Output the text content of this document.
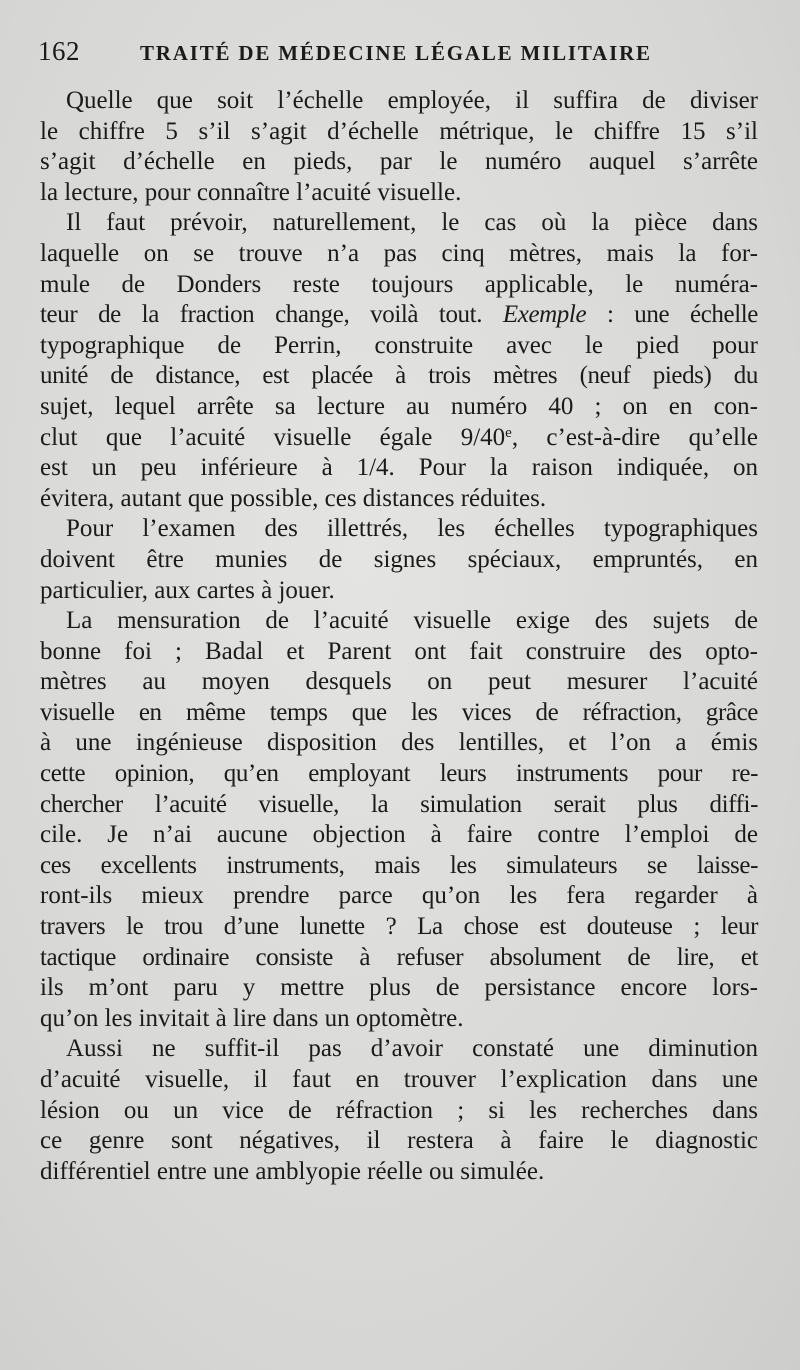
162	TRAITÉ DE MÉDECINE LÉGALE MILITAIRE

Quelle que soit l’échelle employée, il suffira de diviser
le chiffre 5 s’il s’agit d’échelle métrique, le chiffre 15 s’il
s’agit d’échelle en pieds, par le numéro auquel s’arrête
la lecture, pour connaître l’acuité visuelle.

Il faut prévoir, naturellement, le cas où la pièce dans
laquelle on se trouve n’a pas cinq mètres, mais la for-
mule de Donders reste toujours applicable, le numéra-
teur de la fraction change, voilà tout. Exemple : une échelle
typographique de Perrin, construite avec le pied pour
unité de distance, est placée à trois mètres (neuf pieds) du
sujet, lequel arrête sa lecture au numéro 40 ; on en con-
clut que l’acuité visuelle égale 9/40e, c’est-à-dire qu’elle
est un peu inférieure à 1/4. Pour la raison indiquée, on
évitera, autant que possible, ces distances réduites.

Pour l’examen des illettrés, les échelles typographiques
doivent être munies de signes spéciaux, empruntés, en
particulier, aux cartes à jouer.

La mensuration de l’acuité visuelle exige des sujets de
bonne foi ; Badal et Parent ont fait construire des opto-
mètres au moyen desquels on peut mesurer l’acuité
visuelle en même temps que les vices de réfraction, grâce
à une ingénieuse disposition des lentilles, et l’on a émis
cette opinion, qu’en employant leurs instruments pour re-
chercher l’acuité visuelle, la simulation serait plus diffi-
cile. Je n’ai aucune objection à faire contre l’emploi de
ces excellents instruments, mais les simulateurs se laisse-
ront-ils mieux prendre parce qu’on les fera regarder à
travers le trou d’une lunette ? La chose est douteuse ; leur
tactique ordinaire consiste à refuser absolument de lire, et
ils m’ont paru y mettre plus de persistance encore lors-
qu’on les invitait à lire dans un optomètre.

Aussi ne suffit-il pas d’avoir constaté une diminution
d’acuité visuelle, il faut en trouver l’explication dans une
lésion ou un vice de réfraction ; si les recherches dans
ce genre sont négatives, il restera à faire le diagnostic
différentiel entre une amblyopie réelle ou simulée.
